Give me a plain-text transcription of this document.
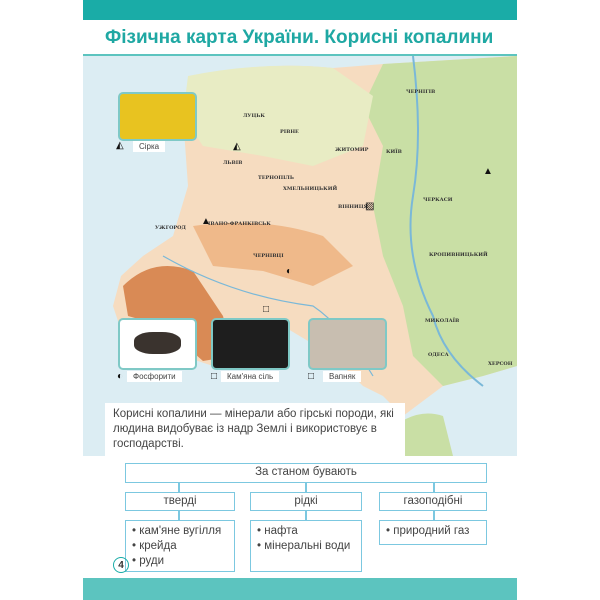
Фізична карта України. Корисні копалини
ЧЕРНІГІВ
ЛУЦЬК
РІВНЕ
ЖИТОМИР	КИЇВ
ЛЬВІВ
ТЕРНОПІЛЬ
ХМЕЛЬНИЦЬКИЙ
ВІННИЦЯ
ЧЕРКАСИ
ІВАНО-ФРАНКІВСЬК
УЖГОРОД
ЧЕРНІВЦІ	КРОПИВНИЦЬКИЙ
МИКОЛАЇВ
ОДЕСА
ХЕРСОН
◭
▲
□
▨
◐
▲
◭	Сірка
◐	Фосфорити	□	Кам'яна сіль	□	Вапняк
Корисні копалини — мінерали або гірські породи, які людина видобуває із надр Землі і використовує в господарстві.
За станом бувають
тверді	рідкі	газоподібні
• кам'яне вугілля
• крейда
• руди
• нафта
• мінеральні води
• природний газ
4
